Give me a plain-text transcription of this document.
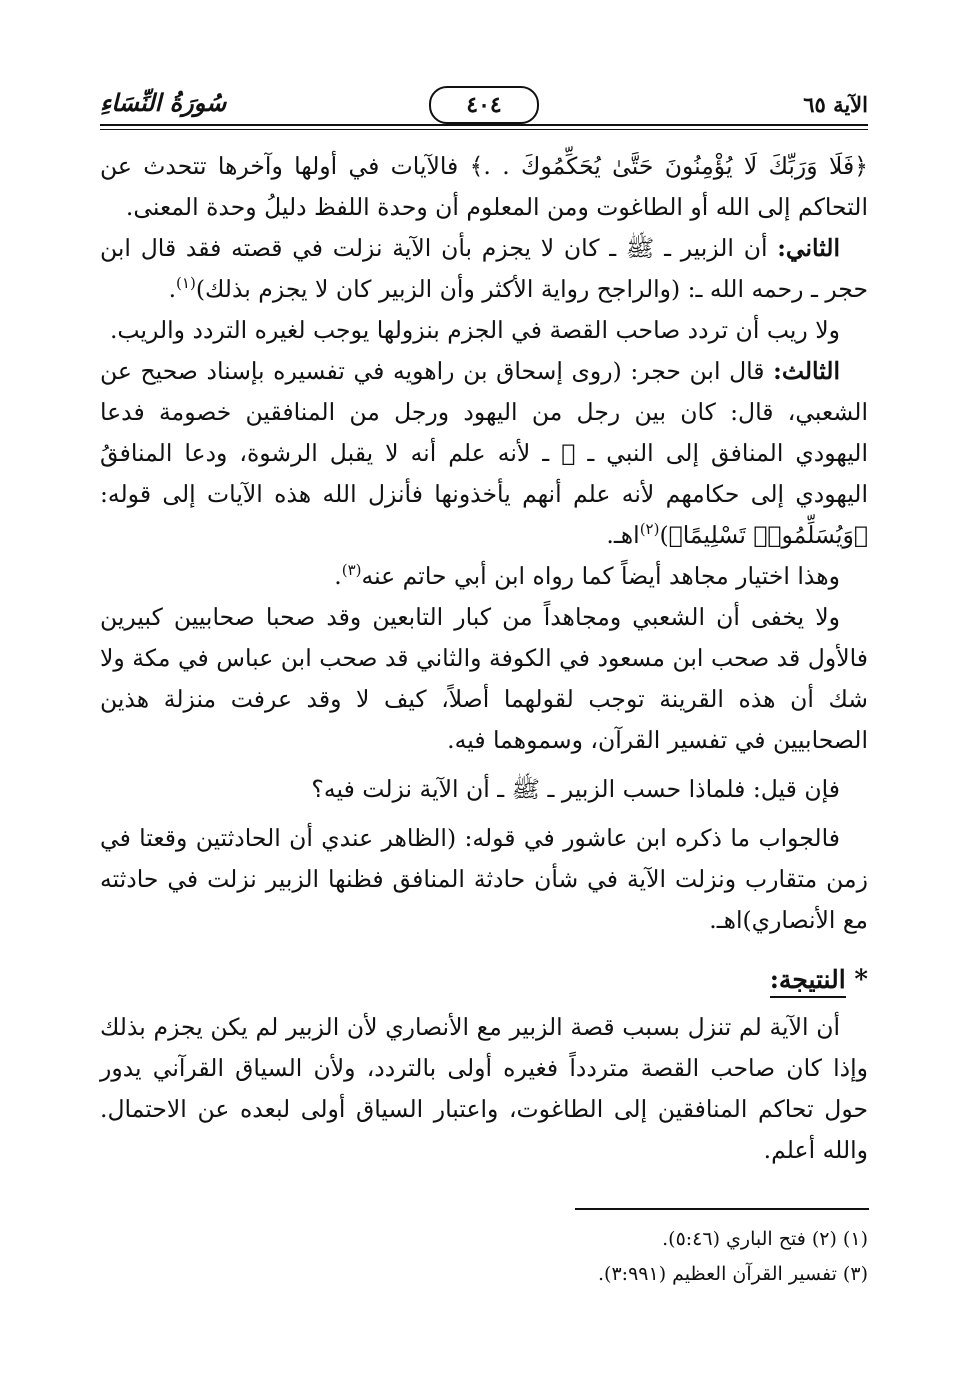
الآية ٦٥
٤٠٤
سُورَةُ النِّسَاءِ

﴿فَلَا وَرَبِّكَ لَا يُؤْمِنُونَ حَتَّىٰ يُحَكِّمُوكَ . .﴾ فالآيات في أولها وآخرها تتحدث عن التحاكم إلى الله أو الطاغوت ومن المعلوم أن وحدة اللفظ دليلُ وحدة المعنى.

الثاني: أن الزبير ـ ﷺ ـ كان لا يجزم بأن الآية نزلت في قصته فقد قال ابن حجر ـ رحمه الله ـ: (والراجح رواية الأكثر وأن الزبير كان لا يجزم بذلك)$^{(١)}$.

ولا ريب أن تردد صاحب القصة في الجزم بنزولها يوجب لغيره التردد والريب.

الثالث: قال ابن حجر: (روى إسحاق بن راهويه في تفسيره بإسناد صحيح عن الشعبي، قال: كان بين رجل من اليهود ورجل من المنافقين خصومة فدعا اليهودي المنافق إلى النبي ـ ﷺ ـ لأنه علم أنه لا يقبل الرشوة، ودعا المنافقُ اليهودي إلى حكامهم لأنه علم أنهم يأخذونها فأنزل الله هذه الآيات إلى قوله: ﴿وَيُسَلِّمُوا۟ تَسْلِيمًا﴾)$^{(٢)}$اهـ.

وهذا اختيار مجاهد أيضاً كما رواه ابن أبي حاتم عنه$^{(٣)}$.

ولا يخفى أن الشعبي ومجاهداً من كبار التابعين وقد صحبا صحابيين كبيرين فالأول قد صحب ابن مسعود في الكوفة والثاني قد صحب ابن عباس في مكة ولا شك أن هذه القرينة توجب لقولهما أصلاً، كيف لا وقد عرفت منزلة هذين الصحابيين في تفسير القرآن، وسموهما فيه.

فإن قيل: فلماذا حسب الزبير ـ ﷺ ـ أن الآية نزلت فيه؟

فالجواب ما ذكره ابن عاشور في قوله: (الظاهر عندي أن الحادثتين وقعتا في زمن متقارب ونزلت الآية في شأن حادثة المنافق فظنها الزبير نزلت في حادثته مع الأنصاري)اهـ.

* النتيجة:

أن الآية لم تنزل بسبب قصة الزبير مع الأنصاري لأن الزبير لم يكن يجزم بذلك وإذا كان صاحب القصة متردداً فغيره أولى بالتردد، ولأن السياق القرآني يدور حول تحاكم المنافقين إلى الطاغوت، واعتبار السياق أولى لبعده عن الاحتمال. والله أعلم.

(١) (٢) فتح الباري (٥:٤٦).

(٣) تفسير القرآن العظيم (٣:٩٩١).
